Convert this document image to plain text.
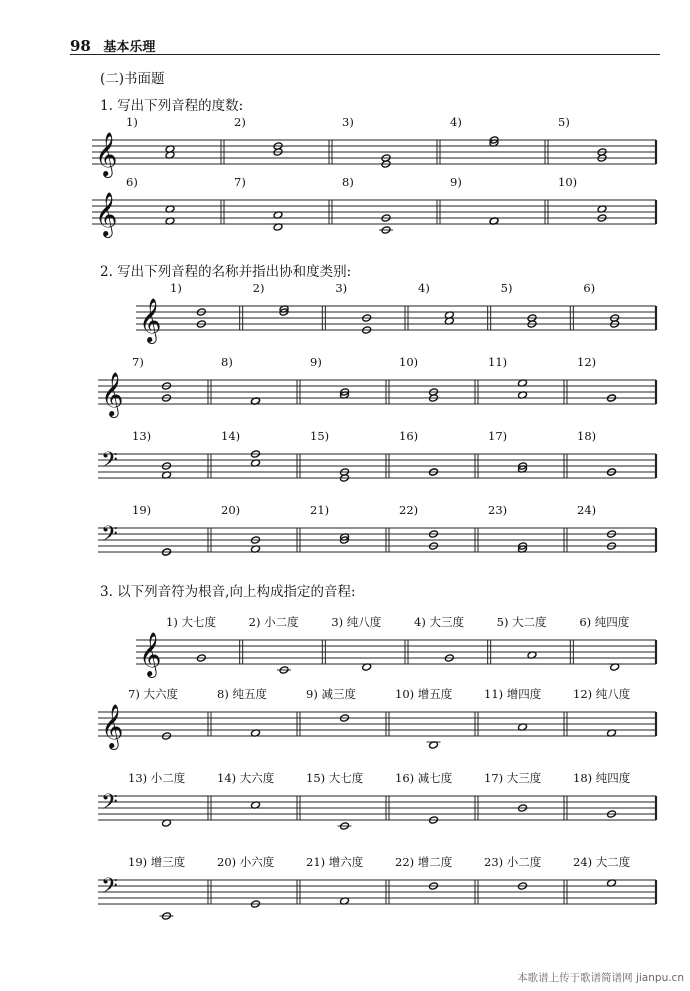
98 基本乐理
(二)书面题
1. 写出下列音程的度数:
2. 写出下列音程的名称并指出协和度类别:
3. 以下列音符为根音,向上构成指定的音程:
𝄞
1)	2)	3)	4)	5)
𝄞
6)	7)	8)	9)	10)
𝄞
1)	2)	3)	4)	5)	6)
𝄞
7)	8)	9)	10)	11)	12)
𝄢
13)	14)	15)	16)	17)	18)
𝄢
19)	20)	21)	22)	23)	24)
𝄞
1) 大七度	2) 小二度	3) 纯八度	4) 大三度	5) 大二度	6) 纯四度
𝄞
7) 大六度	8) 纯五度	9) 减三度	10) 增五度	11) 增四度	12) 纯八度
𝄢
13) 小二度	14) 大六度	15) 大七度	16) 减七度	17) 大三度	18) 纯四度
𝄢
19) 增三度	20) 小六度	21) 增六度	22) 增二度	23) 小二度	24) 大二度
本歌谱上传于歌谱简谱网 jianpu.cn
